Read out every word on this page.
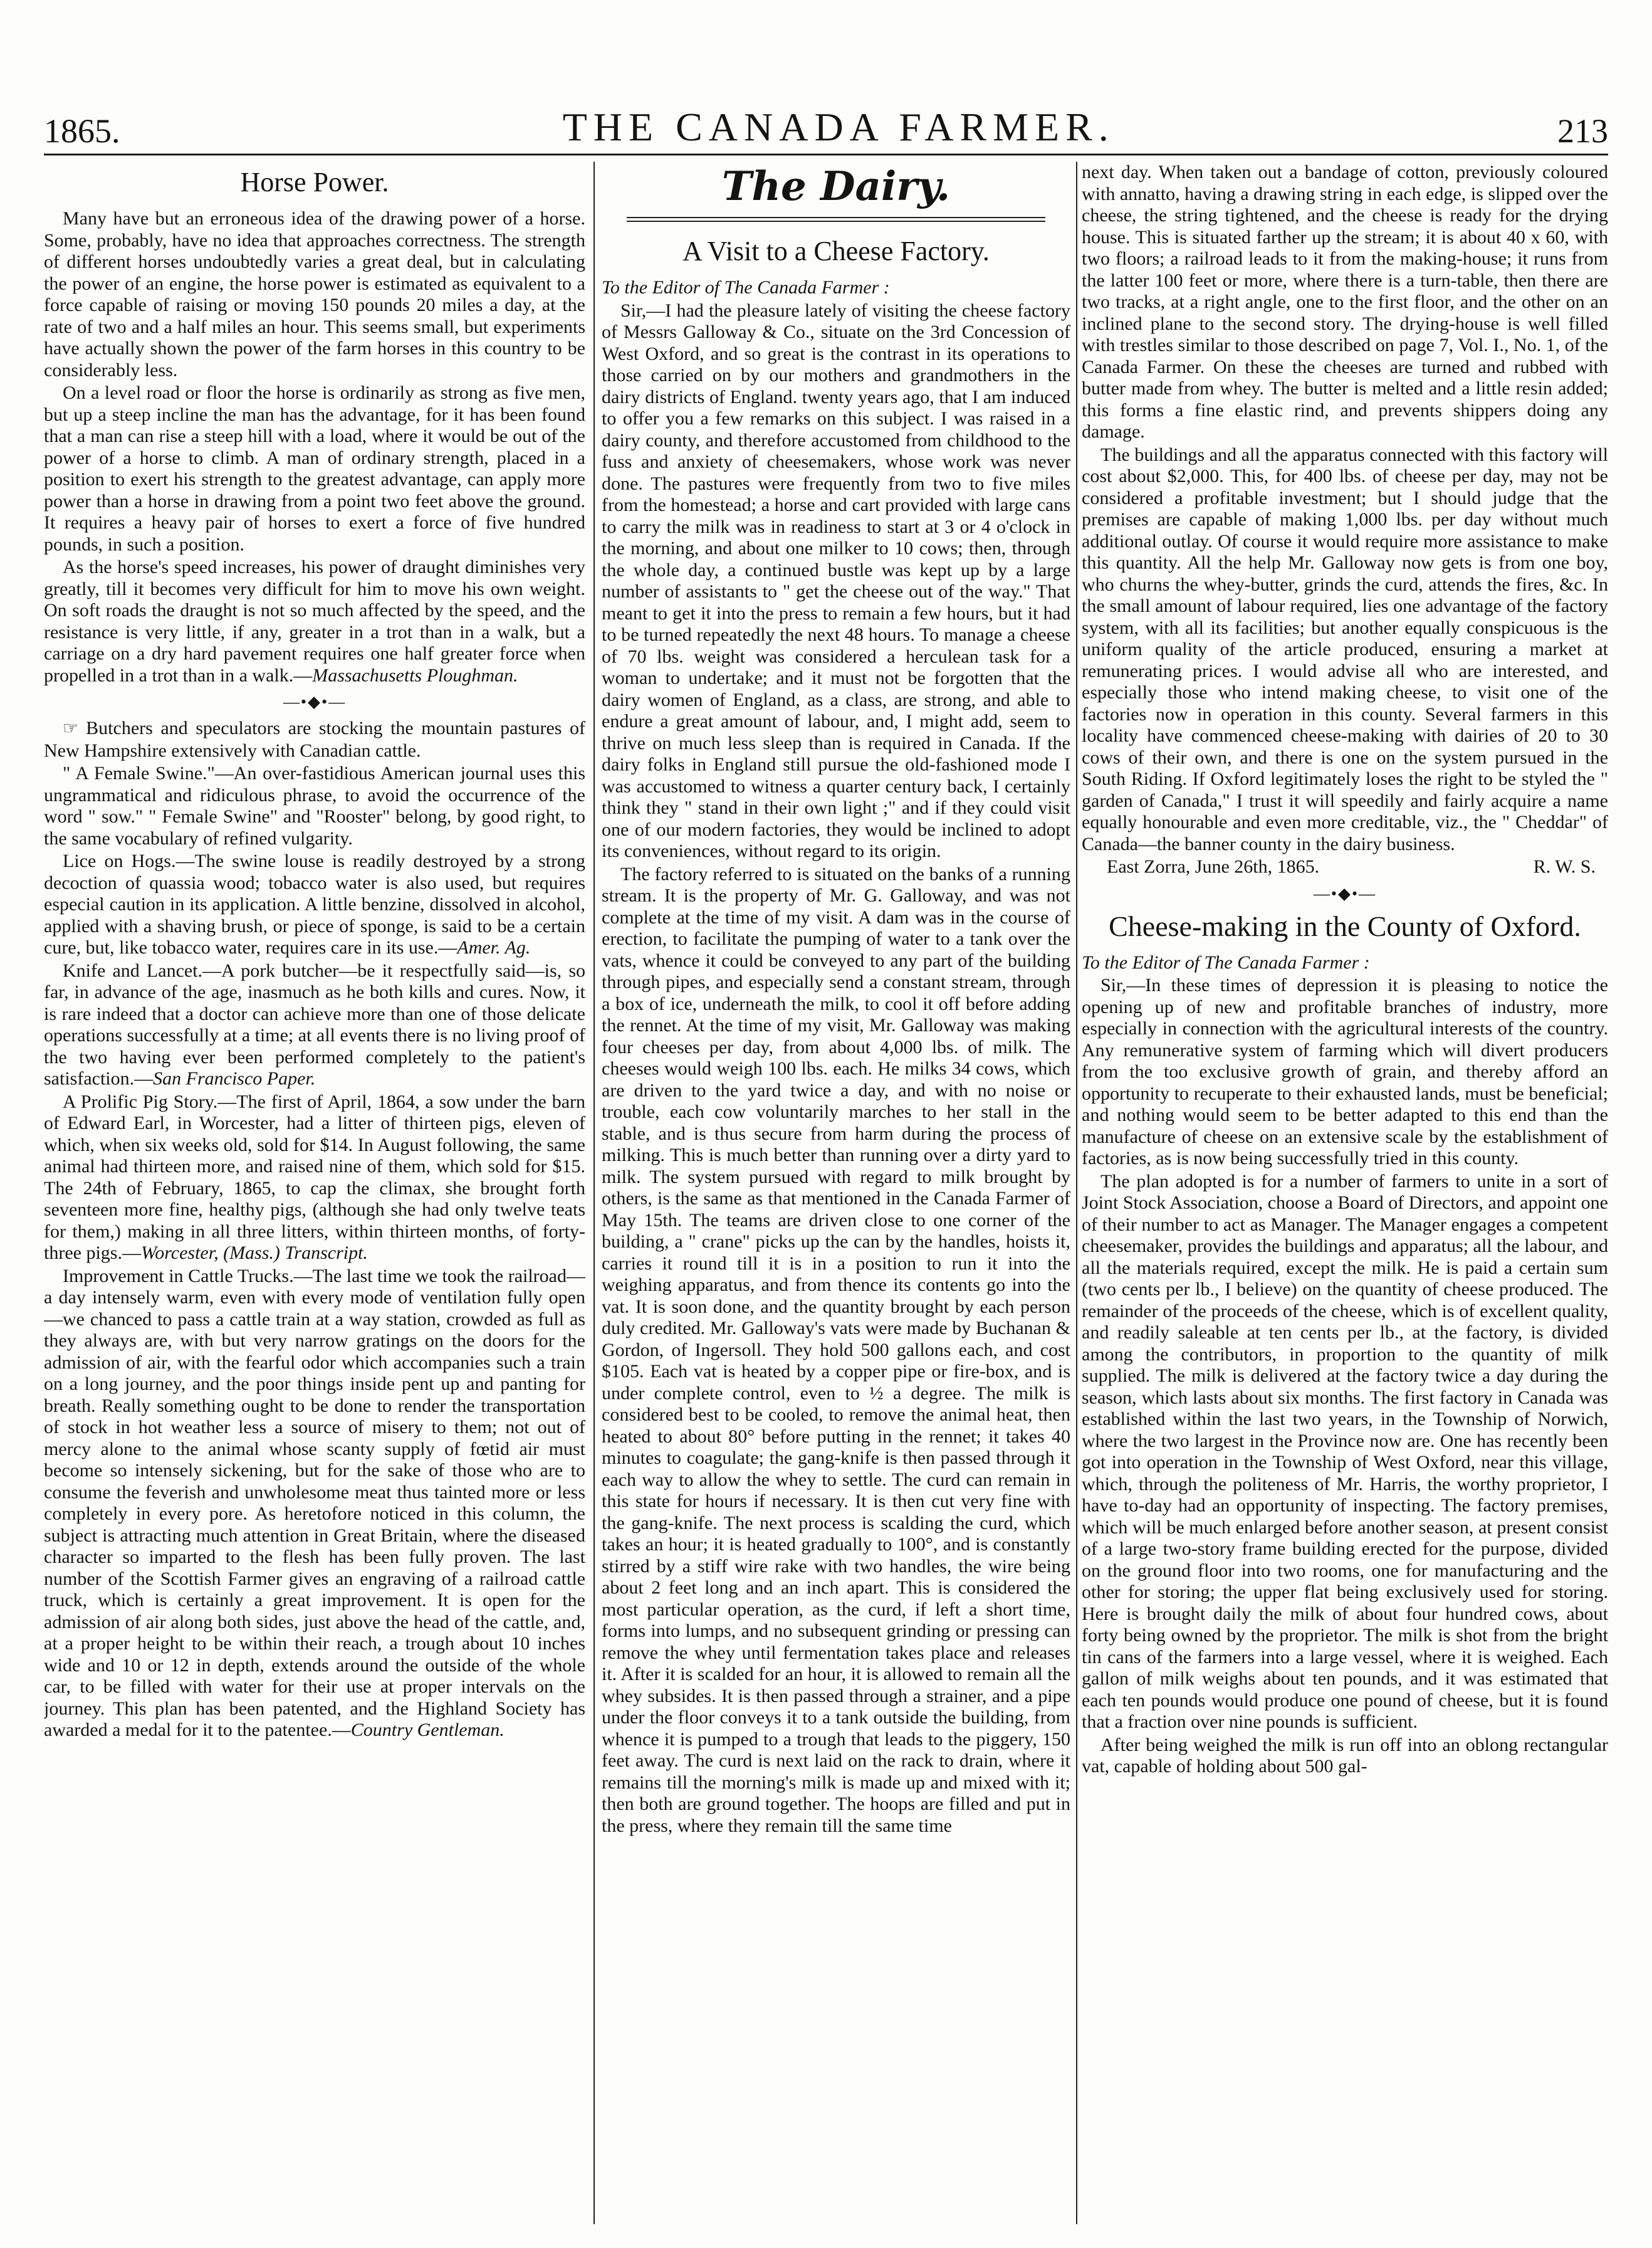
1865.	THE CANADA FARMER.	213
Horse Power.

Many have but an erroneous idea of the drawing power of a horse. Some, probably, have no idea that approaches correctness. The strength of different horses undoubtedly varies a great deal, but in calculating the power of an engine, the horse power is estimated as equivalent to a force capable of raising or moving 150 pounds 20 miles a day, at the rate of two and a half miles an hour. This seems small, but experiments have actually shown the power of the farm horses in this country to be considerably less.

On a level road or floor the horse is ordinarily as strong as five men, but up a steep incline the man has the advantage, for it has been found that a man can rise a steep hill with a load, where it would be out of the power of a horse to climb. A man of ordinary strength, placed in a position to exert his strength to the greatest advantage, can apply more power than a horse in drawing from a point two feet above the ground. It requires a heavy pair of horses to exert a force of five hundred pounds, in such a position.

As the horse's speed increases, his power of draught diminishes very greatly, till it becomes very difficult for him to move his own weight. On soft roads the draught is not so much affected by the speed, and the resistance is very little, if any, greater in a trot than in a walk, but a carriage on a dry hard pavement requires one half greater force when propelled in a trot than in a walk.—Massachusetts Ploughman.

—•◆•—

☞ Butchers and speculators are stocking the mountain pastures of New Hampshire extensively with Canadian cattle.

" A Female Swine."—An over-fastidious American journal uses this ungrammatical and ridiculous phrase, to avoid the occurrence of the word " sow." " Female Swine" and "Rooster" belong, by good right, to the same vocabulary of refined vulgarity.

Lice on Hogs.—The swine louse is readily destroyed by a strong decoction of quassia wood; tobacco water is also used, but requires especial caution in its application. A little benzine, dissolved in alcohol, applied with a shaving brush, or piece of sponge, is said to be a certain cure, but, like tobacco water, requires care in its use.—Amer. Ag.

Knife and Lancet.—A pork butcher—be it respectfully said—is, so far, in advance of the age, inasmuch as he both kills and cures. Now, it is rare indeed that a doctor can achieve more than one of those delicate operations successfully at a time; at all events there is no living proof of the two having ever been performed completely to the patient's satisfaction.—San Francisco Paper.

A Prolific Pig Story.—The first of April, 1864, a sow under the barn of Edward Earl, in Worcester, had a litter of thirteen pigs, eleven of which, when six weeks old, sold for $14. In August following, the same animal had thirteen more, and raised nine of them, which sold for $15. The 24th of February, 1865, to cap the climax, she brought forth seventeen more fine, healthy pigs, (although she had only twelve teats for them,) making in all three litters, within thirteen months, of forty-three pigs.—Worcester, (Mass.) Transcript.

Improvement in Cattle Trucks.—The last time we took the railroad—a day intensely warm, even with every mode of ventilation fully open—we chanced to pass a cattle train at a way station, crowded as full as they always are, with but very narrow gratings on the doors for the admission of air, with the fearful odor which accompanies such a train on a long journey, and the poor things inside pent up and panting for breath. Really something ought to be done to render the transportation of stock in hot weather less a source of misery to them; not out of mercy alone to the animal whose scanty supply of fœtid air must become so intensely sickening, but for the sake of those who are to consume the feverish and unwholesome meat thus tainted more or less completely in every pore. As heretofore noticed in this column, the subject is attracting much attention in Great Britain, where the diseased character so imparted to the flesh has been fully proven. The last number of the Scottish Farmer gives an engraving of a railroad cattle truck, which is certainly a great improvement. It is open for the admission of air along both sides, just above the head of the cattle, and, at a proper height to be within their reach, a trough about 10 inches wide and 10 or 12 in depth, extends around the outside of the whole car, to be filled with water for their use at proper intervals on the journey. This plan has been patented, and the Highland Society has awarded a medal for it to the patentee.—Country Gentleman.

The Dairy.
A Visit to a Cheese Factory.

To the Editor of The Canada Farmer :

Sir,—I had the pleasure lately of visiting the cheese factory of Messrs Galloway & Co., situate on the 3rd Concession of West Oxford, and so great is the contrast in its operations to those carried on by our mothers and grandmothers in the dairy districts of England. twenty years ago, that I am induced to offer you a few remarks on this subject. I was raised in a dairy county, and therefore accustomed from childhood to the fuss and anxiety of cheesemakers, whose work was never done. The pastures were frequently from two to five miles from the homestead; a horse and cart provided with large cans to carry the milk was in readiness to start at 3 or 4 o'clock in the morning, and about one milker to 10 cows; then, through the whole day, a continued bustle was kept up by a large number of assistants to " get the cheese out of the way." That meant to get it into the press to remain a few hours, but it had to be turned repeatedly the next 48 hours. To manage a cheese of 70 lbs. weight was considered a herculean task for a woman to undertake; and it must not be forgotten that the dairy women of England, as a class, are strong, and able to endure a great amount of labour, and, I might add, seem to thrive on much less sleep than is required in Canada. If the dairy folks in England still pursue the old-fashioned mode I was accustomed to witness a quarter century back, I certainly think they " stand in their own light ;" and if they could visit one of our modern factories, they would be inclined to adopt its conveniences, without regard to its origin.

The factory referred to is situated on the banks of a running stream. It is the property of Mr. G. Galloway, and was not complete at the time of my visit. A dam was in the course of erection, to facilitate the pumping of water to a tank over the vats, whence it could be conveyed to any part of the building through pipes, and especially send a constant stream, through a box of ice, underneath the milk, to cool it off before adding the rennet. At the time of my visit, Mr. Galloway was making four cheeses per day, from about 4,000 lbs. of milk. The cheeses would weigh 100 lbs. each. He milks 34 cows, which are driven to the yard twice a day, and with no noise or trouble, each cow voluntarily marches to her stall in the stable, and is thus secure from harm during the process of milking. This is much better than running over a dirty yard to milk. The system pursued with regard to milk brought by others, is the same as that mentioned in the Canada Farmer of May 15th. The teams are driven close to one corner of the building, a " crane" picks up the can by the handles, hoists it, carries it round till it is in a position to run it into the weighing apparatus, and from thence its contents go into the vat. It is soon done, and the quantity brought by each person duly credited. Mr. Galloway's vats were made by Buchanan & Gordon, of Ingersoll. They hold 500 gallons each, and cost $105. Each vat is heated by a copper pipe or fire-box, and is under complete control, even to ½ a degree. The milk is considered best to be cooled, to remove the animal heat, then heated to about 80° before putting in the rennet; it takes 40 minutes to coagulate; the gang-knife is then passed through it each way to allow the whey to settle. The curd can remain in this state for hours if necessary. It is then cut very fine with the gang-knife. The next process is scalding the curd, which takes an hour; it is heated gradually to 100°, and is constantly stirred by a stiff wire rake with two handles, the wire being about 2 feet long and an inch apart. This is considered the most particular operation, as the curd, if left a short time, forms into lumps, and no subsequent grinding or pressing can remove the whey until fermentation takes place and releases it. After it is scalded for an hour, it is allowed to remain all the whey subsides. It is then passed through a strainer, and a pipe under the floor conveys it to a tank outside the building, from whence it is pumped to a trough that leads to the piggery, 150 feet away. The curd is next laid on the rack to drain, where it remains till the morning's milk is made up and mixed with it; then both are ground together. The hoops are filled and put in the press, where they remain till the same time

next day. When taken out a bandage of cotton, previously coloured with annatto, having a drawing string in each edge, is slipped over the cheese, the string tightened, and the cheese is ready for the drying house. This is situated farther up the stream; it is about 40 x 60, with two floors; a railroad leads to it from the making-house; it runs from the latter 100 feet or more, where there is a turn-table, then there are two tracks, at a right angle, one to the first floor, and the other on an inclined plane to the second story. The drying-house is well filled with trestles similar to those described on page 7, Vol. I., No. 1, of the Canada Farmer. On these the cheeses are turned and rubbed with butter made from whey. The butter is melted and a little resin added; this forms a fine elastic rind, and prevents shippers doing any damage.

The buildings and all the apparatus connected with this factory will cost about $2,000. This, for 400 lbs. of cheese per day, may not be considered a profitable investment; but I should judge that the premises are capable of making 1,000 lbs. per day without much additional outlay. Of course it would require more assistance to make this quantity. All the help Mr. Galloway now gets is from one boy, who churns the whey-butter, grinds the curd, attends the fires, &c. In the small amount of labour required, lies one advantage of the factory system, with all its facilities; but another equally conspicuous is the uniform quality of the article produced, ensuring a market at remunerating prices. I would advise all who are interested, and especially those who intend making cheese, to visit one of the factories now in operation in this county. Several farmers in this locality have commenced cheese-making with dairies of 20 to 30 cows of their own, and there is one on the system pursued in the South Riding. If Oxford legitimately loses the right to be styled the " garden of Canada," I trust it will speedily and fairly acquire a name equally honourable and even more creditable, viz., the " Cheddar" of Canada—the banner county in the dairy business.

East Zorra, June 26th, 1865.	R. W. S.
—•◆•—
Cheese-making in the County of Oxford.

To the Editor of The Canada Farmer :

Sir,—In these times of depression it is pleasing to notice the opening up of new and profitable branches of industry, more especially in connection with the agricultural interests of the country. Any remunerative system of farming which will divert producers from the too exclusive growth of grain, and thereby afford an opportunity to recuperate to their exhausted lands, must be beneficial; and nothing would seem to be better adapted to this end than the manufacture of cheese on an extensive scale by the establishment of factories, as is now being successfully tried in this county.

The plan adopted is for a number of farmers to unite in a sort of Joint Stock Association, choose a Board of Directors, and appoint one of their number to act as Manager. The Manager engages a competent cheesemaker, provides the buildings and apparatus; all the labour, and all the materials required, except the milk. He is paid a certain sum (two cents per lb., I believe) on the quantity of cheese produced. The remainder of the proceeds of the cheese, which is of excellent quality, and readily saleable at ten cents per lb., at the factory, is divided among the contributors, in proportion to the quantity of milk supplied. The milk is delivered at the factory twice a day during the season, which lasts about six months. The first factory in Canada was established within the last two years, in the Township of Norwich, where the two largest in the Province now are. One has recently been got into operation in the Township of West Oxford, near this village, which, through the politeness of Mr. Harris, the worthy proprietor, I have to-day had an opportunity of inspecting. The factory premises, which will be much enlarged before another season, at present consist of a large two-story frame building erected for the purpose, divided on the ground floor into two rooms, one for manufacturing and the other for storing; the upper flat being exclusively used for storing. Here is brought daily the milk of about four hundred cows, about forty being owned by the proprietor. The milk is shot from the bright tin cans of the farmers into a large vessel, where it is weighed. Each gallon of milk weighs about ten pounds, and it was estimated that each ten pounds would produce one pound of cheese, but it is found that a fraction over nine pounds is sufficient.

After being weighed the milk is run off into an oblong rectangular vat, capable of holding about 500 gal-
